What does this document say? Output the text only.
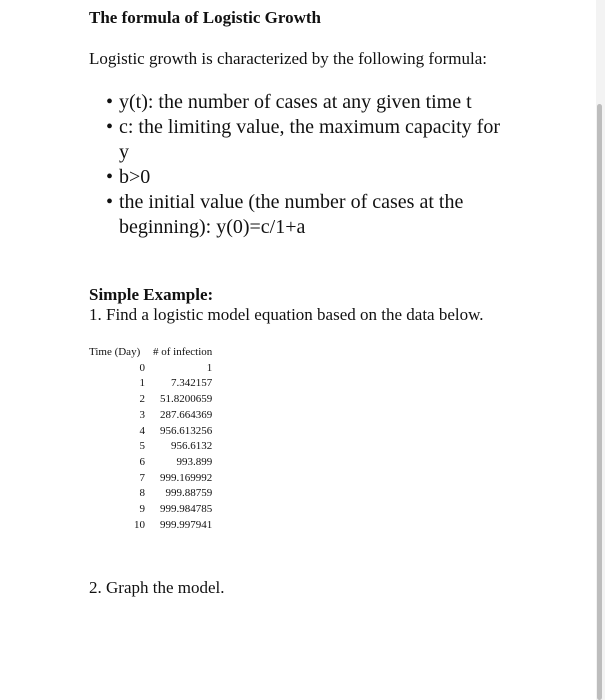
The formula of Logistic Growth
Logistic growth is characterized by the following formula:
• y(t): the number of cases at any given time t
• c: the limiting value, the maximum capacity for
y
• b>0
• the initial value (the number of cases at the beginning): y(0)=c/1+a
Simple Example:
1. Find a logistic model equation based on the data below.
Time (Day)	# of infection
0	1
1	7.342157
2	51.8200659
3	287.664369
4	956.613256
5	956.6132
6	993.899
7	999.169992
8	999.88759
9	999.984785
10	999.997941
2. Graph the model.
